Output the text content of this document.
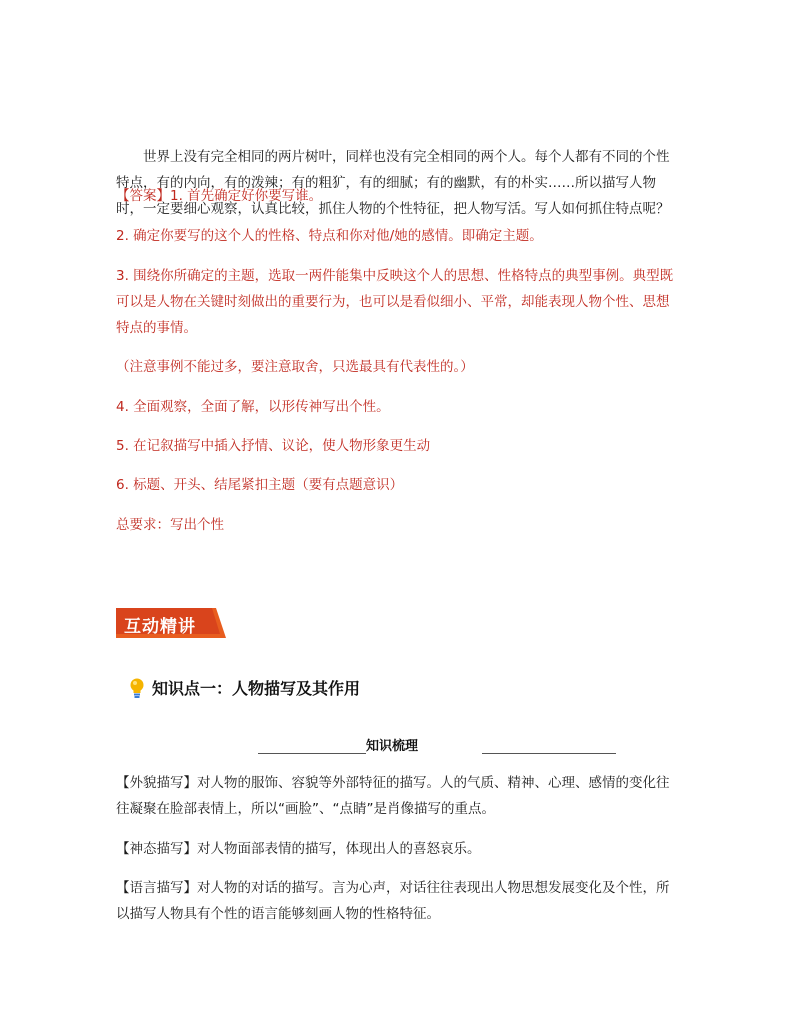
世界上没有完全相同的两片树叶，同样也没有完全相同的两个人。每个人都有不同的个性特点，有的内向，有的泼辣；有的粗犷，有的细腻；有的幽默，有的朴实……所以描写人物时，一定要细心观察，认真比较，抓住人物的个性特征，把人物写活。写人如何抓住特点呢？

【答案】1. 首先确定好你要写谁。

2. 确定你要写的这个人的性格、特点和你对他/她的感情。即确定主题。

3. 围绕你所确定的主题，选取一两件能集中反映这个人的思想、性格特点的典型事例。典型既可以是人物在关键时刻做出的重要行为，也可以是看似细小、平常，却能表现人物个性、思想特点的事情。

（注意事例不能过多，要注意取舍，只选最具有代表性的。）

4. 全面观察，全面了解，以形传神写出个性。

5. 在记叙描写中插入抒情、议论，使人物形象更生动

6. 标题、开头、结尾紧扣主题（要有点题意识）

总要求：写出个性

互动精讲
知识点一：人物描写及其作用
知识梳理

【外貌描写】对人物的服饰、容貌等外部特征的描写。人的气质、精神、心理、感情的变化往往凝聚在脸部表情上，所以“画脸”、“点睛”是肖像描写的重点。

【神态描写】对人物面部表情的描写，体现出人的喜怒哀乐。

【语言描写】对人物的对话的描写。言为心声，对话往往表现出人物思想发展变化及个性，所以描写人物具有个性的语言能够刻画人物的性格特征。
